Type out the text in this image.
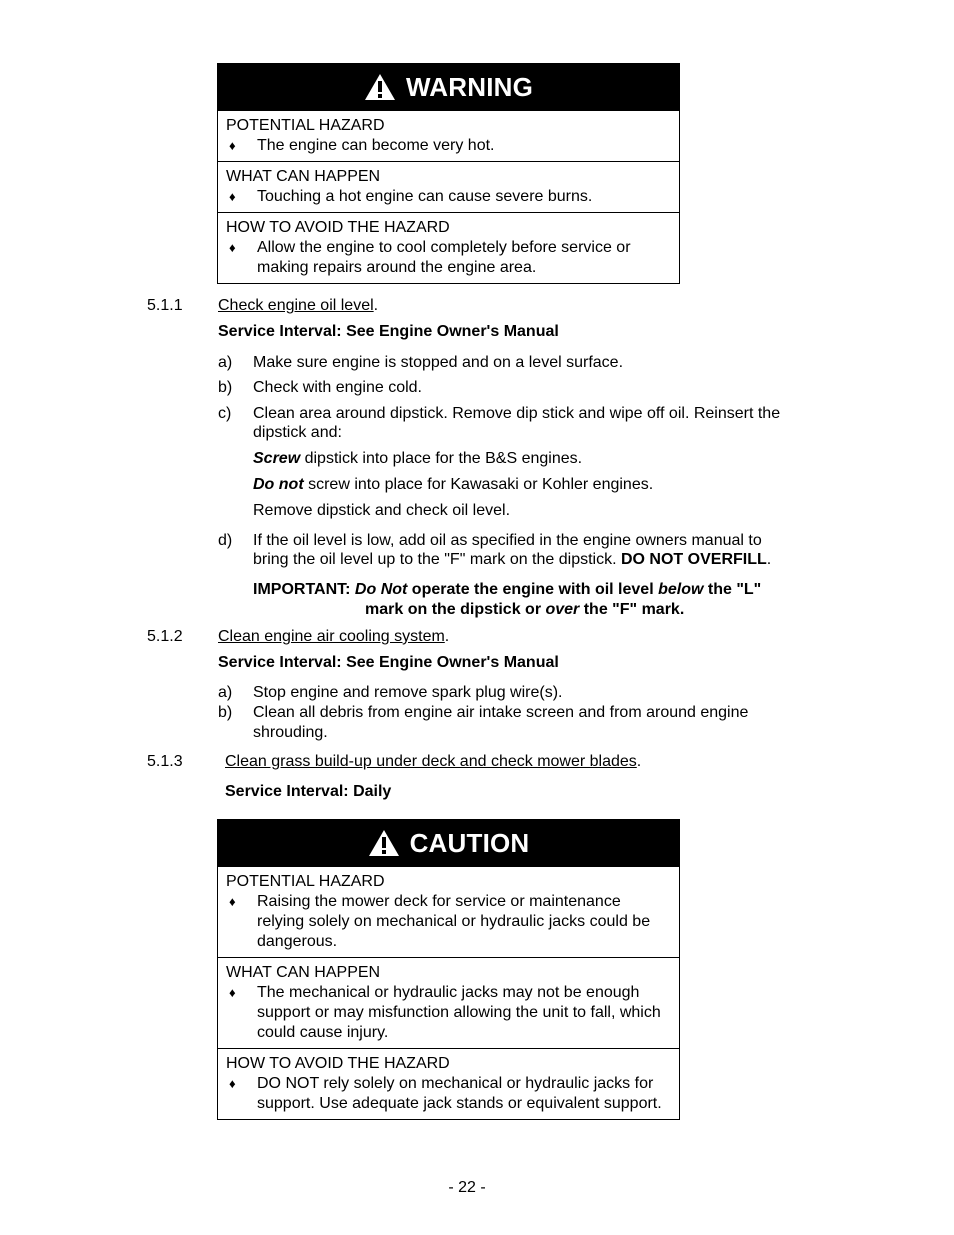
WARNING
POTENTIAL HAZARD
♦	The engine can become very hot.
WHAT CAN HAPPEN
♦	Touching a hot engine can cause severe burns.
HOW TO AVOID THE HAZARD
♦	Allow the engine to cool completely before service or making repairs around the engine area.
5.1.1 Check engine oil level.
Service Interval: See Engine Owner's Manual
a) Make sure engine is stopped and on a level surface.
b) Check with engine cold.
c) Clean area around dipstick. Remove dip stick and wipe off oil. Reinsert the
dipstick and:
Screw dipstick into place for the B&S engines.
Do not screw into place for Kawasaki or Kohler engines.
Remove dipstick and check oil level.
d) If the oil level is low, add oil as specified in the engine owners manual to
bring the oil level up to the "F" mark on the dipstick. DO NOT OVERFILL.
IMPORTANT: Do Not operate the engine with oil level below the "L"
mark on the dipstick or over the "F" mark.
5.1.2 Clean engine air cooling system.
Service Interval: See Engine Owner's Manual
a) Stop engine and remove spark plug wire(s).
b) Clean all debris from engine air intake screen and from around engine
shrouding.
5.1.3	Clean grass build-up under deck and check mower blades.
Service Interval: Daily
CAUTION
POTENTIAL HAZARD
♦	Raising the mower deck for service or maintenance relying solely on mechanical or hydraulic jacks could be dangerous.
WHAT CAN HAPPEN
♦	The mechanical or hydraulic jacks may not be enough support or may misfunction allowing the unit to fall, which could cause injury.
HOW TO AVOID THE HAZARD
♦	DO NOT rely solely on mechanical or hydraulic jacks for support. Use adequate jack stands or equivalent support.
- 22 -
